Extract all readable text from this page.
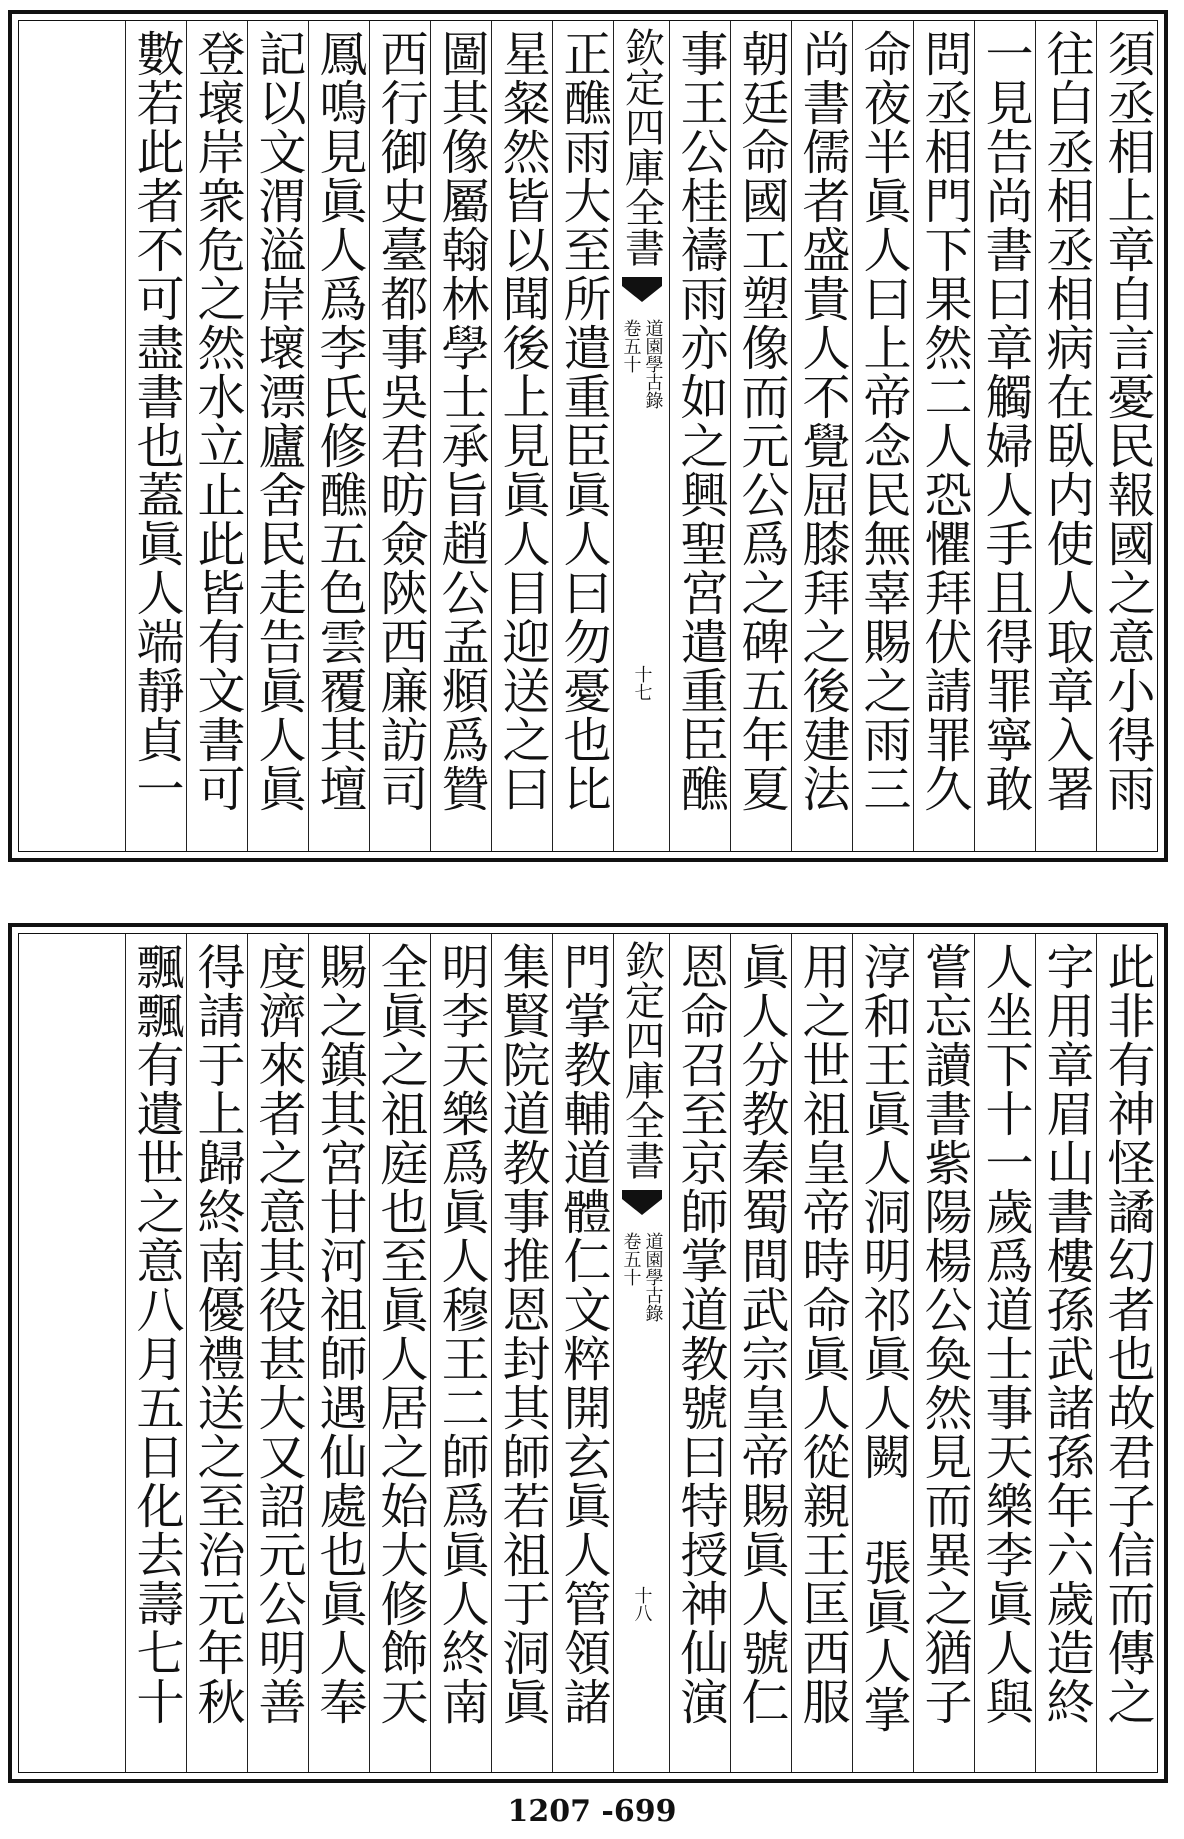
須丞相上章自言憂民報國之意小得雨
往白丞相丞相病在臥内使人取章入署
一見告尚書曰章觸婦人手且得罪寧敢
問丞相門下果然二人恐懼拜伏請罪久
命夜半眞人曰上帝念民無辜賜之雨三
尚書儒者盛貴人不覺屈膝拜之後建法
朝廷命國工塑像而元公爲之碑五年夏
事王公桂禱雨亦如之興聖宮遣重臣醮
欽定四庫全書
道園學古錄
卷五十
十七
正醮雨大至所遣重臣眞人曰勿憂也比
星粲然皆以聞後上見眞人目迎送之曰
圖其像屬翰林學士承旨趙公孟頫爲贊
西行御史臺都事吳君昉僉陝西廉訪司
鳳鳴見眞人爲李氏修醮五色雲覆其壇
記以文渭溢岸壞漂廬舍民走告眞人眞
登壞岸衆危之然水立止此皆有文書可
數若此者不可盡書也蓋眞人端靜貞一
此非有神怪譎幻者也故君子信而傳之
字用章眉山書樓孫武諸孫年六歲造終
人坐下十一歲爲道士事天樂李眞人與
嘗忘讀書紫陽楊公奐然見而異之猶子
淳和王眞人洞明祁眞人闕 張眞人掌
用之世祖皇帝時命眞人從親王匡西服
眞人分教秦蜀間武宗皇帝賜眞人號仁
恩命召至京師掌道教號曰特授神仙演
欽定四庫全書
道園學古錄
卷五十
十八
門掌教輔道體仁文粹開玄眞人管領諸
集賢院道教事推恩封其師若祖于洞眞
明李天樂爲眞人穆王二師爲眞人終南
全眞之祖庭也至眞人居之始大修飾天
賜之鎮其宮甘河祖師遇仙處也眞人奉
度濟來者之意其役甚大又詔元公明善
得請于上歸終南優禮送之至治元年秋
飄飄有遺世之意八月五日化去壽七十
1207 -699
